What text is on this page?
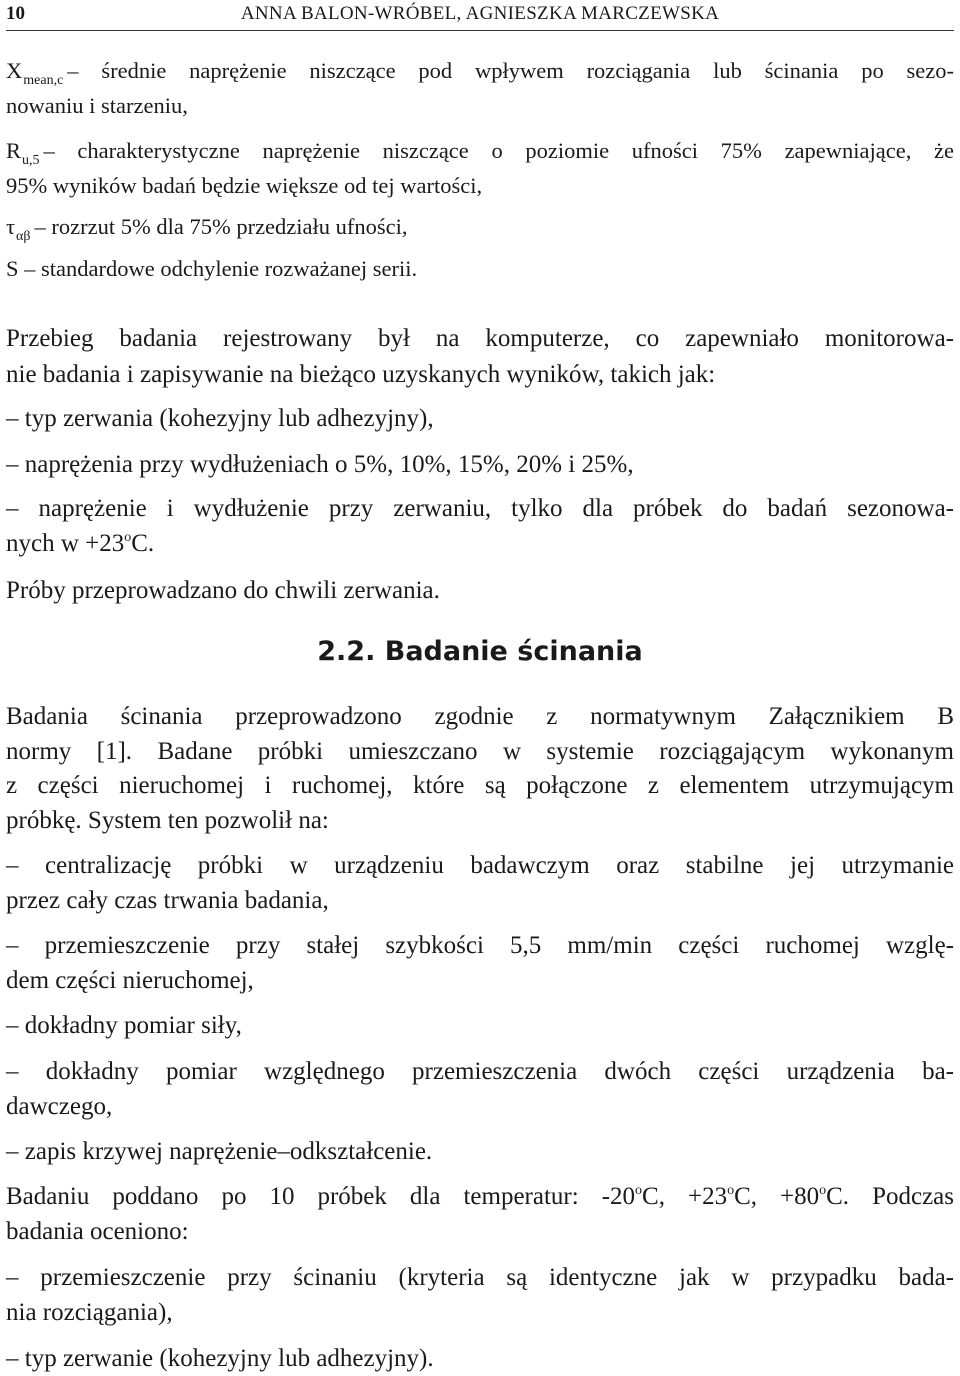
10	ANNA BALON-WRÓBEL, AGNIESZKA MARCZEWSKA
$X_{mean,c}$ – średnie naprężenie niszczące pod wpływem rozciągania lub ścinania po sezo-
nowaniu i starzeniu,
$R_{u,5}$ – charakterystyczne naprężenie niszczące o poziomie ufności 75% zapewniające, że
95% wyników badań będzie większe od tej wartości,
$\tau_{\alpha\beta}$ – rozrzut 5% dla 75% przedziału ufności,
S – standardowe odchylenie rozważanej serii.
Przebieg badania rejestrowany był na komputerze, co zapewniało monitorowa-
nie badania i zapisywanie na bieżąco uzyskanych wyników, takich jak:
– typ zerwania (kohezyjny lub adhezyjny),
– naprężenia przy wydłużeniach o 5%, 10%, 15%, 20% i 25%,
– naprężenie i wydłużenie przy zerwaniu, tylko dla próbek do badań sezonowa-
nych $w +23^oC$.
Próby przeprowadzano do chwili zerwania.
2.2. Badanie ścinania
Badania ścinania przeprowadzono zgodnie z normatywnym Załącznikiem B
normy [1]. Badane próbki umieszczano w systemie rozciągającym wykonanym
z części nieruchomej i ruchomej, które są połączone z elementem utrzymującym
próbkę. System ten pozwolił na:
– centralizację próbki w urządzeniu badawczym oraz stabilne jej utrzymanie
przez cały czas trwania badania,
– przemieszczenie przy stałej szybkości 5,5 mm/min części ruchomej wzglę-
dem części nieruchomej,
– dokładny pomiar siły,
– dokładny pomiar względnego przemieszczenia dwóch części urządzenia ba-
dawczego,
– zapis krzywej naprężenie–odkształcenie.
Badaniu poddano po 10 próbek dla temperatur: $-20^oC$, $+23^oC$, $+80^oC$. Podczas
badania oceniono:
– przemieszczenie przy ścinaniu (kryteria są identyczne jak w przypadku bada-
nia rozciągania),
– typ zerwanie (kohezyjny lub adhezyjny).
